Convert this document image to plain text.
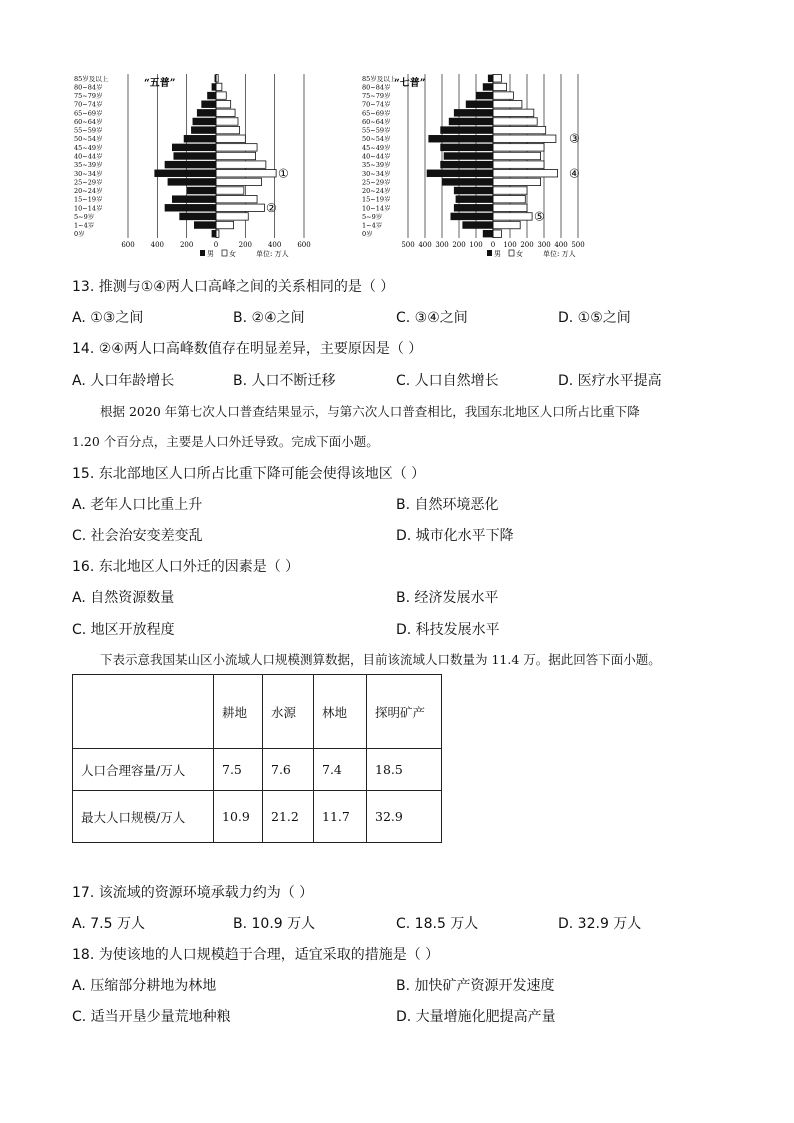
0岁
1~4岁
5~9岁
10~14岁
15~19岁
20~24岁
25~29岁
30~34岁
35~39岁
40~44岁
45~49岁
50~54岁
55~59岁
60~64岁
65~69岁
70~74岁
75~79岁
80~84岁
85岁及以上
600 400 200	0	200 400 600
“五普”
男 女	单位: 万人
①
②
0岁
1~4岁
5~9岁
10~14岁
15~19岁
20~24岁
25~29岁
30~34岁
35~39岁
40~44岁
45~49岁
50~54岁
55~59岁
60~64岁
65~69岁
70~74岁
75~79岁
80~84岁
85岁及以上
500 400 300 200 100 0 100 200 300 400 500
“七普”
男 女	单位: 万人
③
④
⑤
13. 推测与①④两人口高峰之间的关系相同的是（ ）
A. ①③之间	B. ②④之间	C. ③④之间	D. ①⑤之间
14. ②④两人口高峰数值存在明显差异，主要原因是（ ）
A. 人口年龄增长	B. 人口不断迁移	C. 人口自然增长	D. 医疗水平提高
根据 2020 年第七次人口普查结果显示，与第六次人口普查相比，我国东北地区人口所占比重下降
1.20 个百分点，主要是人口外迁导致。完成下面小题。
15. 东北部地区人口所占比重下降可能会使得该地区（ ）
A. 老年人口比重上升	B. 自然环境恶化
C. 社会治安变差变乱	D. 城市化水平下降
16. 东北地区人口外迁的因素是（ ）
A. 自然资源数量	B. 经济发展水平
C. 地区开放程度	D. 科技发展水平
下表示意我国某山区小流域人口规模测算数据，目前该流域人口数量为 11.4 万。据此回答下面小题。
	耕地	水源	林地	探明矿产
人口合理容量/万人	7.5	7.6	7.4	18.5
最大人口规模/万人	10.9	21.2	11.7	32.9
17. 该流域的资源环境承载力约为（ ）
A. 7.5 万人	B. 10.9 万人	C. 18.5 万人	D. 32.9 万人
18. 为使该地的人口规模趋于合理，适宜采取的措施是（ ）
A. 压缩部分耕地为林地	B. 加快矿产资源开发速度
C. 适当开垦少量荒地种粮	D. 大量增施化肥提高产量
